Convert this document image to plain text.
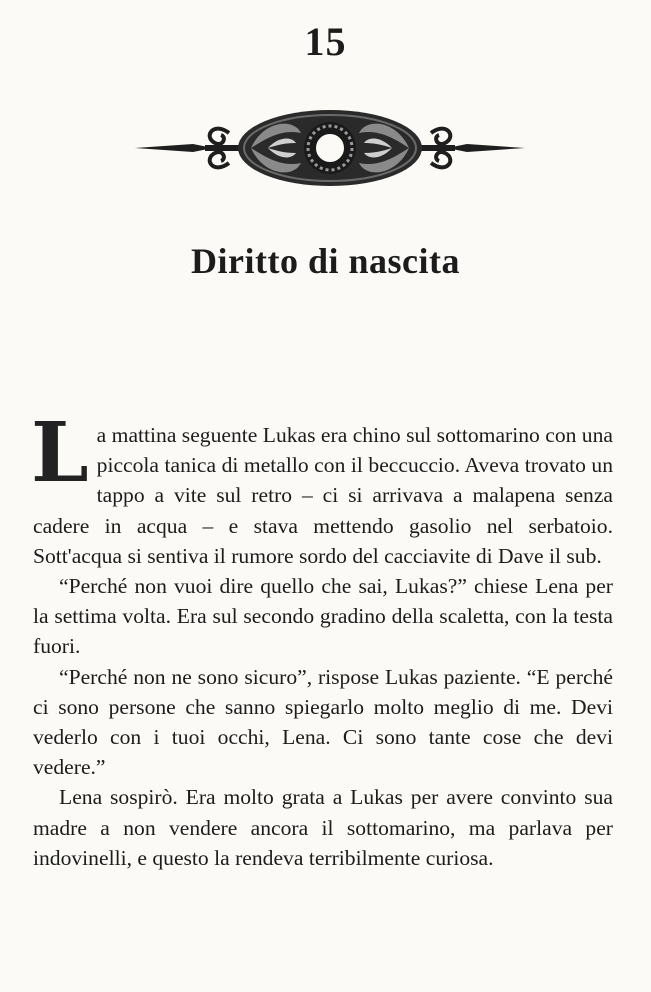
15
Diritto di nascita

La mattina seguente Lukas era chino sul sottomarino con una piccola tanica di metallo con il beccuccio. Aveva trovato un tappo a vite sul retro – ci si arrivava a malapena senza cadere in acqua – e stava mettendo gasolio nel serbatoio. Sott'acqua si sentiva il rumore sordo del cacciavite di Dave il sub.

“Perché non vuoi dire quello che sai, Lukas?” chiese Lena per la settima volta. Era sul secondo gradino della scaletta, con la testa fuori.

“Perché non ne sono sicuro”, rispose Lukas paziente. “E perché ci sono persone che sanno spiegarlo molto meglio di me. Devi vederlo con i tuoi occhi, Lena. Ci sono tante cose che devi vedere.”

Lena sospirò. Era molto grata a Lukas per avere convinto sua madre a non vendere ancora il sottomarino, ma parlava per indovinelli, e questo la rendeva terribilmente curiosa.
